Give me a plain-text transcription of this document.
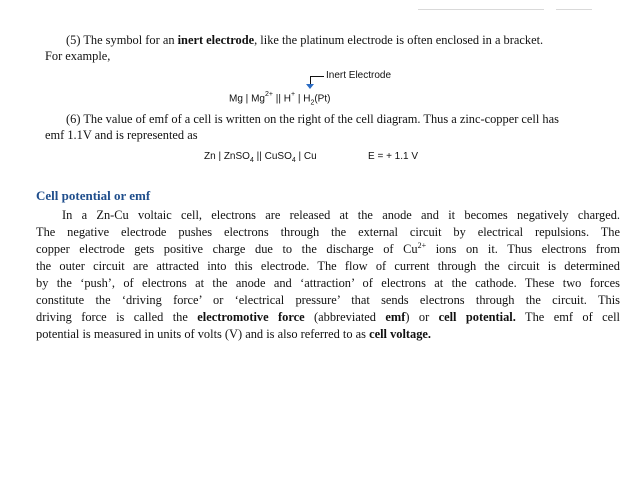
(5) The symbol for an inert electrode, like the platinum electrode is often enclosed in a bracket.
For example,
Inert Electrode
Mg | $Mg^{2+}$ || H+ | $H_2(Pt)$
(6) The value of emf of a cell is written on the right of the cell diagram. Thus a zinc-copper cell has
emf 1.1V and is represented as
Zn | ZnSO$_4$ || CuSO$_4$ | Cu	E = + 1.1 V
Cell potential or emf
In a Zn-Cu voltaic cell, electrons are released at the anode and it becomes negatively charged.
The negative electrode pushes electrons through the external circuit by electrical repulsions. The
copper electrode gets positive charge due to the discharge of $Cu^{2+}$ ions on it. Thus electrons from
the outer circuit are attracted into this electrode. The flow of current through the circuit is determined
by the ‘push’, of electrons at the anode and ‘attraction’ of electrons at the cathode. These two forces
constitute the ‘driving force’ or ‘electrical pressure’ that sends electrons through the circuit. This
driving force is called the electromotive force (abbreviated emf) or cell potential. The emf of cell
potential is measured in units of volts (V) and is also referred to as cell voltage.
